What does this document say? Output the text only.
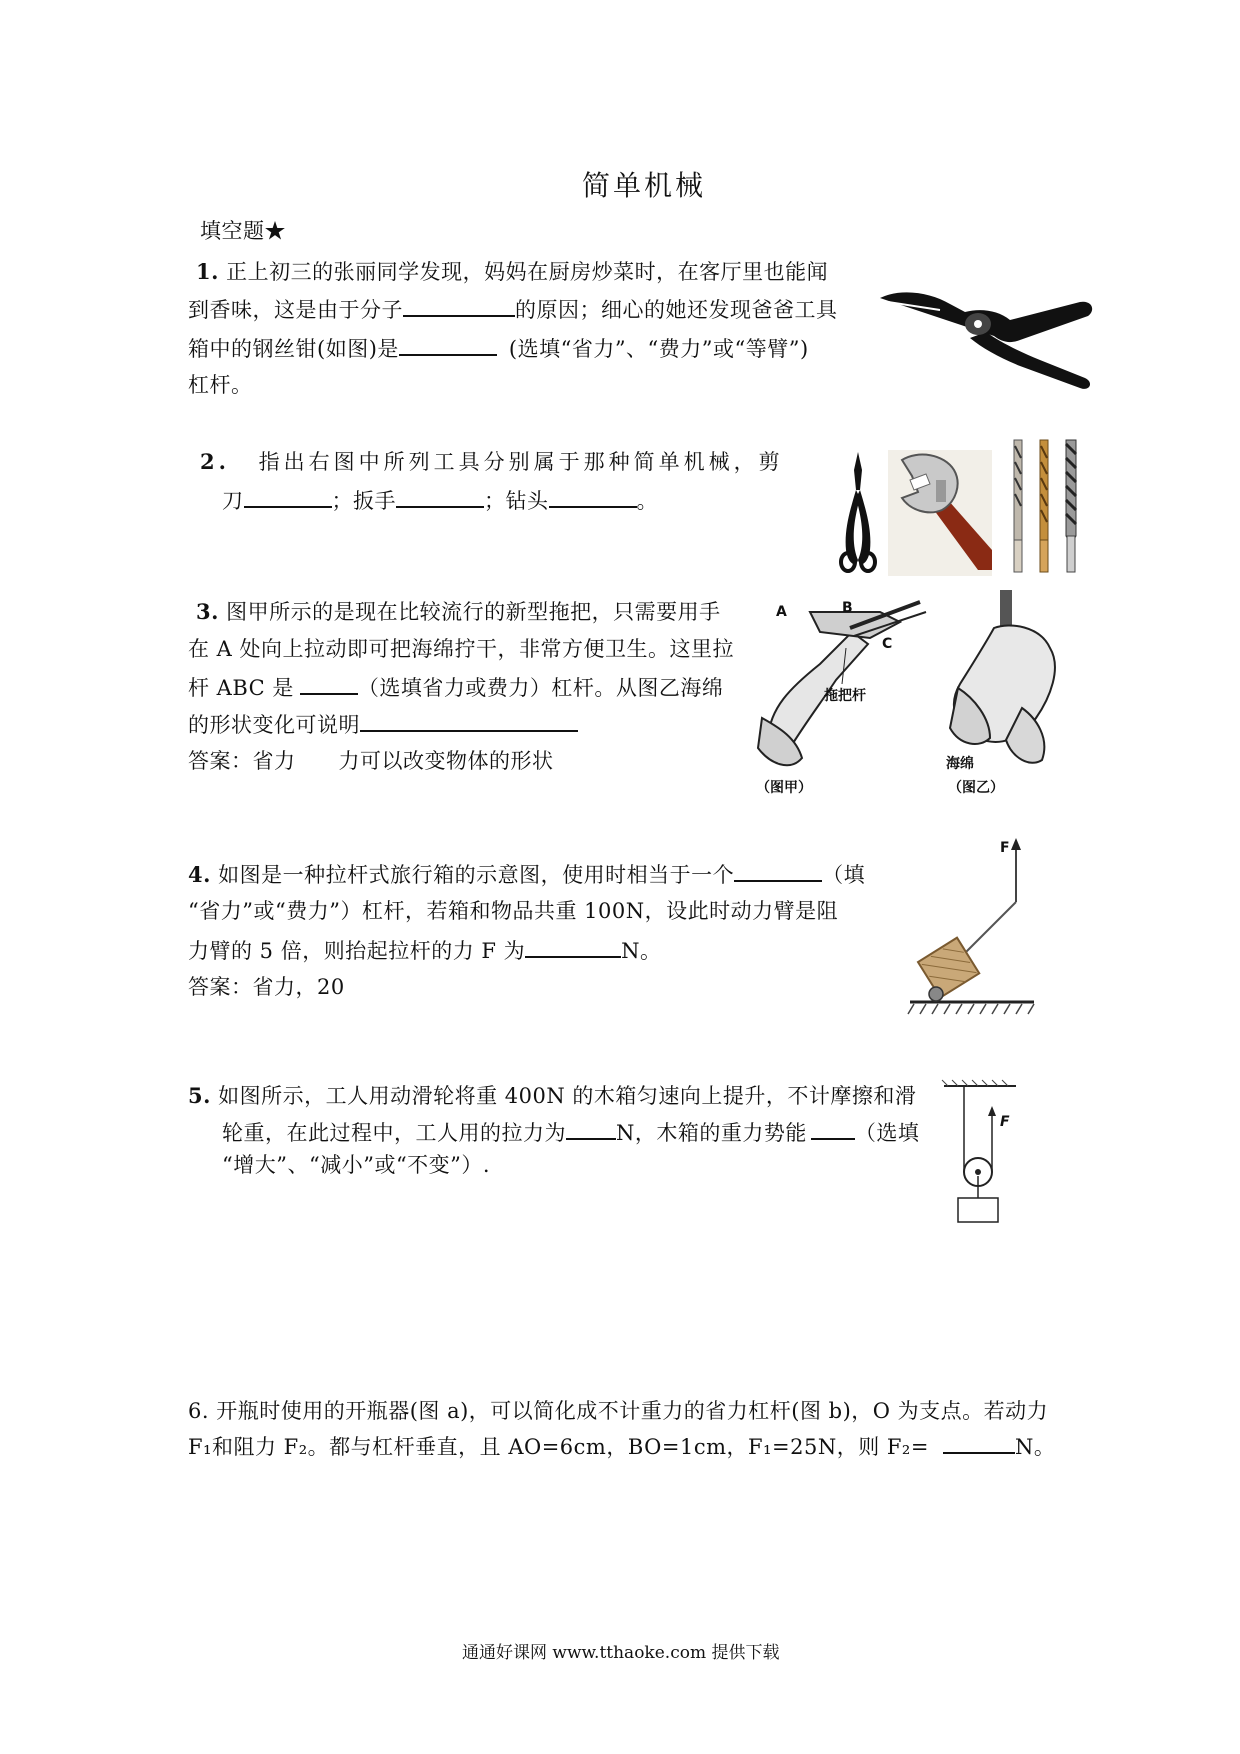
简单机械
填空题★
1. 正上初三的张丽同学发现，妈妈在厨房炒菜时，在客厅里也能闻
到香味，这是由于分子	的原因；细心的她还发现爸爸工具
箱中的钢丝钳(如图)是	(选填“省力”、“费力”或“等臂”)
杠杆。
2. 指出右图中所列工具分别属于那种简单机械，剪
刀	；扳手	；钻头	。
3. 图甲所示的是现在比较流行的新型拖把，只需要用手
在 A 处向上拉动即可把海绵拧干，非常方便卫生。这里拉
杆 ABC 是	（选填省力或费力）杠杆。从图乙海绵
的形状变化可说明
答案：省力　　力可以改变物体的形状
A	B
C
拖把杆
（图甲）
海绵
（图乙）
4. 如图是一种拉杆式旅行箱的示意图，使用时相当于一个	（填
“省力”或“费力”）杠杆，若箱和物品共重 100N，设此时动力臂是阻
力臂的 5 倍，则抬起拉杆的力 F 为	N。
答案：省力，20
F
5. 如图所示，工人用动滑轮将重 400N 的木箱匀速向上提升，不计摩擦和滑
轮重，在此过程中，工人用的拉力为 N，木箱的重力势能 （选填
“增大”、“减小”或“不变”）.
F
6. 开瓶时使用的开瓶器(图 a)，可以简化成不计重力的省力杠杆(图 b)，O 为支点。若动力
F₁和阻力 F₂。都与杠杆垂直，且 AO=6cm，BO=1cm，F₁=25N，则 F₂=	N。
通通好课网 www.tthaoke.com 提供下载
